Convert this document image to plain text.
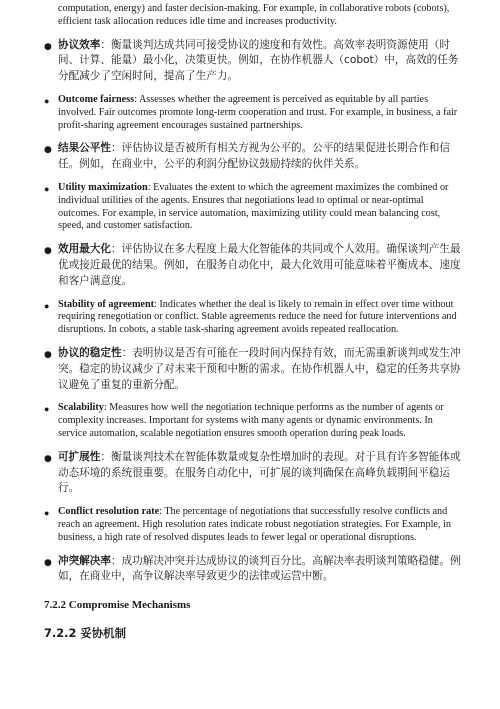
computation, energy) and faster decision-making. For example, in collaborative robots (cobots), efficient task allocation reduces idle time and increases productivity.

● 协议效率：衡量谈判达成共同可接受协议的速度和有效性。高效率表明资源使用（时间、计算、能量）最小化，决策更快。例如，在协作机器人（cobot）中，高效的任务分配减少了空闲时间，提高了生产力。
● Outcome fairness: Assesses whether the agreement is perceived as equitable by all parties involved. Fair outcomes promote long-term cooperation and trust. For example, in business, a fair profit-sharing agreement encourages sustained partnerships.
● 结果公平性：评估协议是否被所有相关方视为公平的。公平的结果促进长期合作和信任。例如，在商业中，公平的利润分配协议鼓励持续的伙伴关系。
● Utility maximization: Evaluates the extent to which the agreement maximizes the combined or individual utilities of the agents. Ensures that negotiations lead to optimal or near-optimal outcomes. For example, in service automation, maximizing utility could mean balancing cost, speed, and customer satisfaction.
● 效用最大化：评估协议在多大程度上最大化智能体的共同或个人效用。确保谈判产生最优或接近最优的结果。例如，在服务自动化中，最大化效用可能意味着平衡成本、速度和客户满意度。
● Stability of agreement: Indicates whether the deal is likely to remain in effect over time without requiring renegotiation or conflict. Stable agreements reduce the need for future interventions and disruptions. In cobots, a stable task-sharing agreement avoids repeated reallocation.
● 协议的稳定性：表明协议是否有可能在一段时间内保持有效，而无需重新谈判或发生冲突。稳定的协议减少了对未来干预和中断的需求。在协作机器人中，稳定的任务共享协议避免了重复的重新分配。
● Scalability: Measures how well the negotiation technique performs as the number of agents or complexity increases. Important for systems with many agents or dynamic environments. In service automation, scalable negotiation ensures smooth operation during peak loads.
● 可扩展性：衡量谈判技术在智能体数量或复杂性增加时的表现。对于具有许多智能体或动态环境的系统很重要。在服务自动化中，可扩展的谈判确保在高峰负载期间平稳运行。
● Conflict resolution rate: The percentage of negotiations that successfully resolve conflicts and reach an agreement. High resolution rates indicate robust negotiation strategies. For Example, in business, a high rate of resolved disputes leads to fewer legal or operational disruptions.
● 冲突解决率：成功解决冲突并达成协议的谈判百分比。高解决率表明谈判策略稳健。例如，在商业中，高争议解决率导致更少的法律或运营中断。
7.2.2 Compromise Mechanisms
7.2.2 妥协机制
